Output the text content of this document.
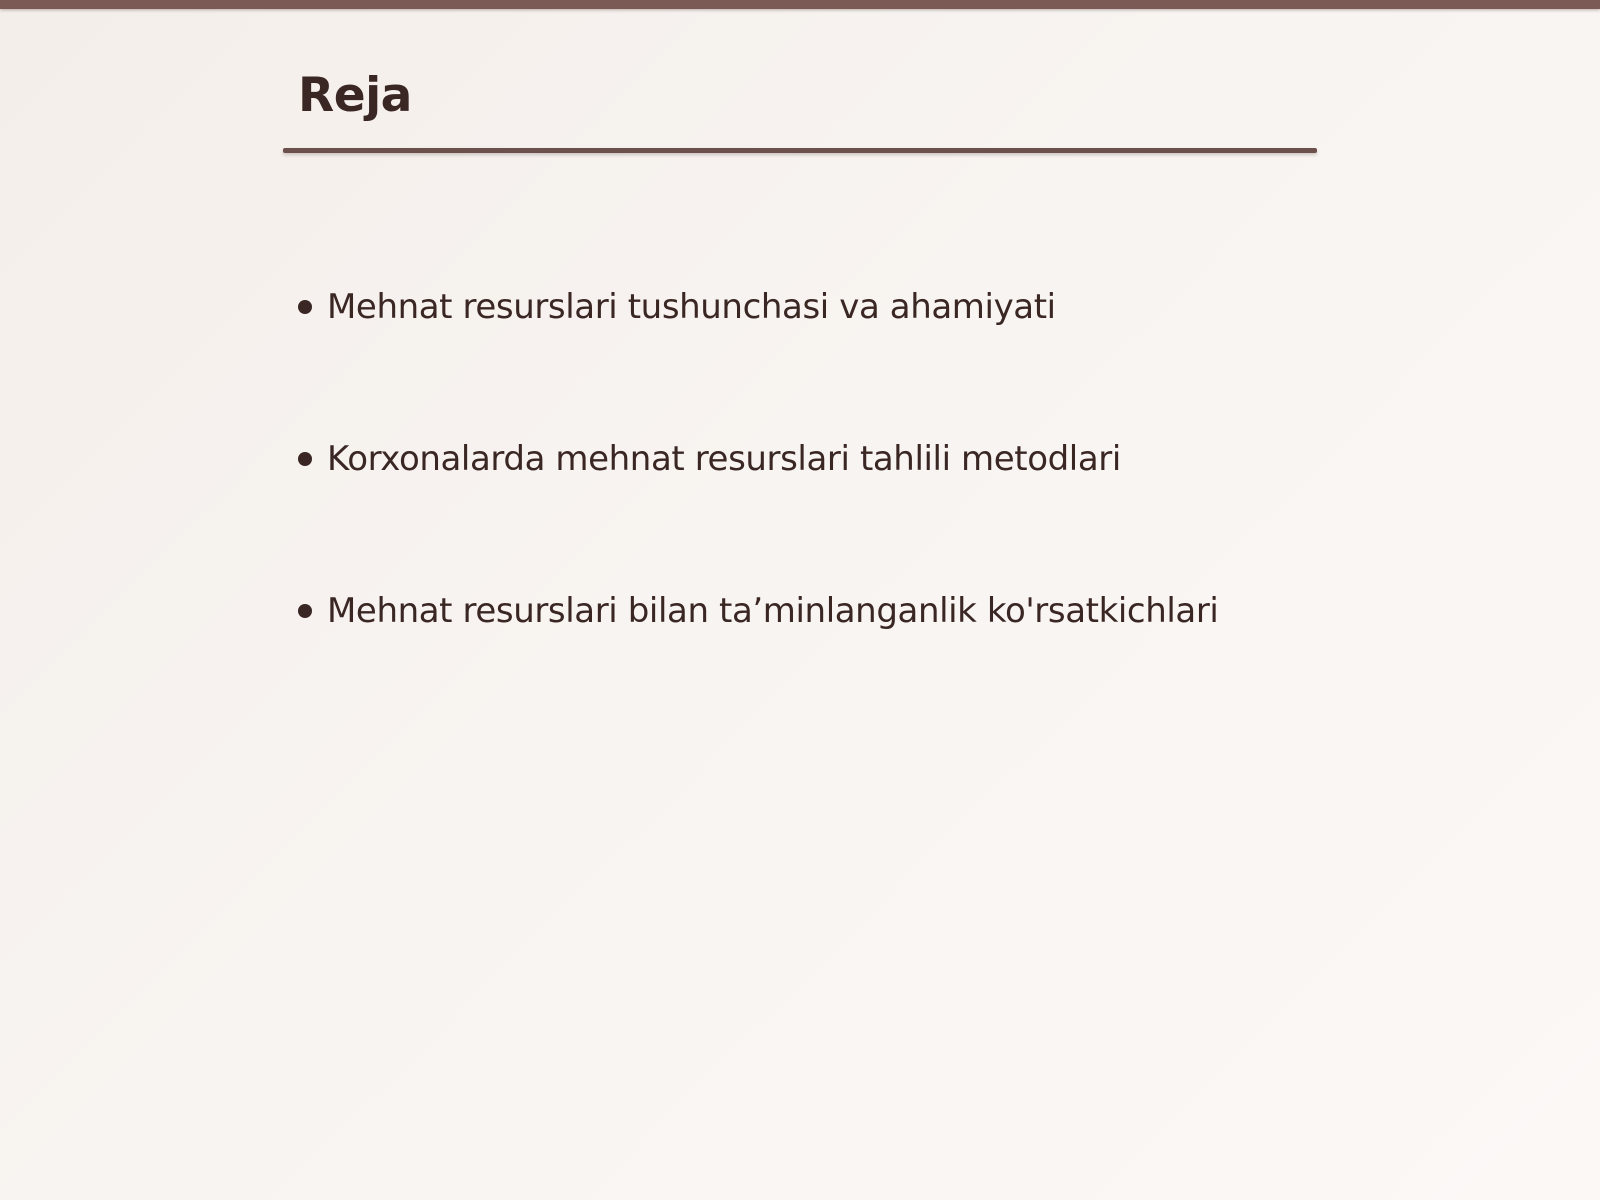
Reja
Mehnat resurslari tushunchasi va ahamiyati
Korxonalarda mehnat resurslari tahlili metodlari
Mehnat resurslari bilan ta’minlanganlik ko'rsatkichlari
